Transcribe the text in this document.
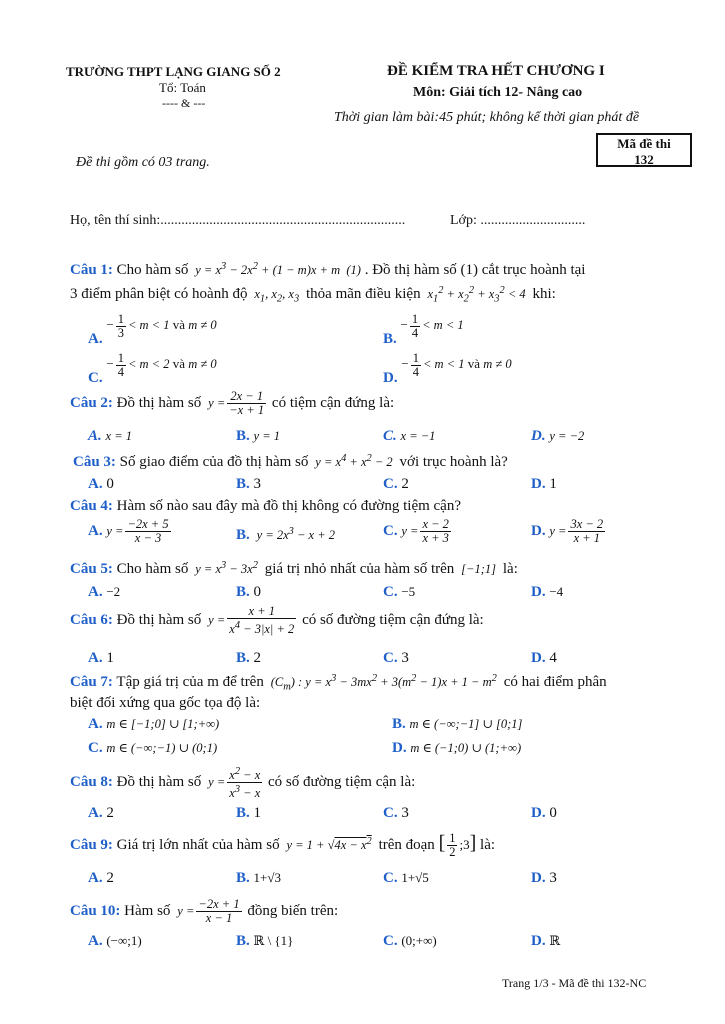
TRƯỜNG THPT LẠNG GIANG SỐ 2
Tổ: Toán
---- & ---
ĐỀ KIỂM TRA HẾT CHƯƠNG I
Môn: Giải tích 12- Nâng cao
Thời gian làm bài:45 phút; không kể thời gian phát đề
Mã đề thi
132
Đề thi gồm có 03 trang.
Họ, tên thí sinh:......................................................................	Lớp: ..............................
Câu 1: Cho hàm số  $y = x^3 - 2x^2 + (1 - m)x + m$  (1) . Đồ thị hàm số (1) cắt trục hoành tại
3 điểm phân biệt có hoành độ  $x_1$, $x_2$, $x_3$ thỏa mãn điều kiện  $x_1^2 + x_2^2 + x_3^2 < 4$  khi:
A. − $\frac{1}{3} < m < 1$ và m ≠ 0
B. − $\frac{1}{4} < m < 1$
C. − $\frac{1}{4} < m < 2$ và m ≠ 0
D. − $\frac{1}{4} < m < 1$ và m ≠ 0
Câu 2: Đồ thị hàm số  $y = \frac{2x - 1}{-x + 1}$ có tiệm cận đứng là:
A. x = 1	B. y = 1	C. x = −1	D. y = −2
Câu 3: Số giao điểm của đồ thị hàm số  $y = x^4 + x^2 - 2$  với trục hoành là?
A. 0	B. 3	C. 2	D. 1
Câu 4: Hàm số nào sau đây mà đồ thị không có đường tiệm cận?
A. $y = \frac{-2x + 5}{x - 3}$	B.  $y = 2x^3 - x + 2$	C. $y = \frac{x - 2}{x + 3}$	D. $y = \frac{3x - 2}{x + 1}$
Câu 5: Cho hàm số  $y = x^3 - 3x^2$ giá trị nhỏ nhất của hàm số trên  [−1;1]  là:
A. −2	B. 0	C. −5	D. −4
Câu 6: Đồ thị hàm số  $y = \frac{x + 1}{x^4 - 3|x| + 2}$ có số đường tiệm cận đứng là:
A. 1	B. 2	C. 3	D. 4
Câu 7: Tập giá trị của m để trên  $(C_m)$ : $y = x^3 - 3mx^2 + 3(m^2 - 1)x + 1 - m^2$ có hai điểm phân
biệt đối xứng qua gốc tọa độ là:
A. m ∈ [−1;0] ∪ [1;+∞)	B. m ∈ (−∞;−1] ∪ [0;1]
C. m ∈ (−∞;−1) ∪ (0;1)	D. m ∈ (−1;0) ∪ (1;+∞)
Câu 8: Đồ thị hàm số  $y = \frac{x^2 - x}{x^3 - x}$ có số đường tiệm cận là:
A. 2	B. 1	C. 3	D. 0
Câu 9: Giá trị lớn nhất của hàm số  $y = 1 + √4x - x^2$ trên đoạn [ $\frac{1}{2}$ ;3] là:
A. 2	B. 1+√3	C. 1+√5	D. 3
Câu 10: Hàm số  $y = \frac{-2x + 1}{x - 1}$ đồng biến trên:
A. (−∞;1)	B. ℝ \ {1}	C. (0;+∞)	D. ℝ
Trang 1/3 - Mã đề thi 132-NC
